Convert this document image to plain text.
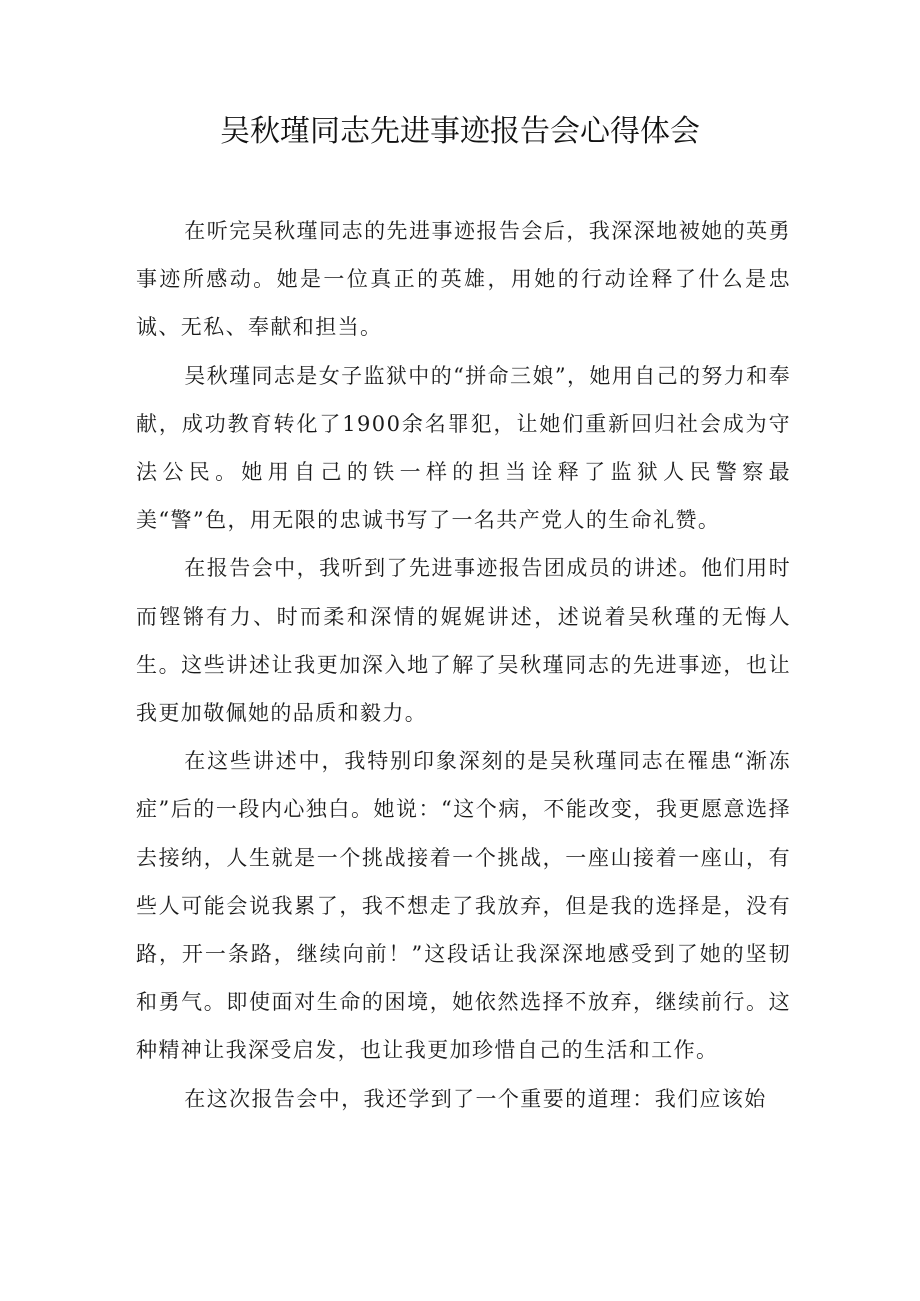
吴秋瑾同志先进事迹报告会心得体会

在听完吴秋瑾同志的先进事迹报告会后，我深深地被她的英勇事迹所感动。她是一位真正的英雄，用她的行动诠释了什么是忠诚、无私、奉献和担当。

吴秋瑾同志是女子监狱中的“拼命三娘”，她用自己的努力和奉献，成功教育转化了1900余名罪犯，让她们重新回归社会成为守法公民。她用自己的铁一样的担当诠释了监狱人民警察最美“警”色，用无限的忠诚书写了一名共产党人的生命礼赞。

在报告会中，我听到了先进事迹报告团成员的讲述。他们用时而铿锵有力、时而柔和深情的娓娓讲述，述说着吴秋瑾的无悔人生。这些讲述让我更加深入地了解了吴秋瑾同志的先进事迹，也让我更加敬佩她的品质和毅力。

在这些讲述中，我特别印象深刻的是吴秋瑾同志在罹患“渐冻症”后的一段内心独白。她说：“这个病，不能改变，我更愿意选择去接纳，人生就是一个挑战接着一个挑战，一座山接着一座山，有些人可能会说我累了，我不想走了我放弃，但是我的选择是，没有路，开一条路，继续向前！”这段话让我深深地感受到了她的坚韧和勇气。即使面对生命的困境，她依然选择不放弃，继续前行。这种精神让我深受启发，也让我更加珍惜自己的生活和工作。

在这次报告会中，我还学到了一个重要的道理：我们应该始
